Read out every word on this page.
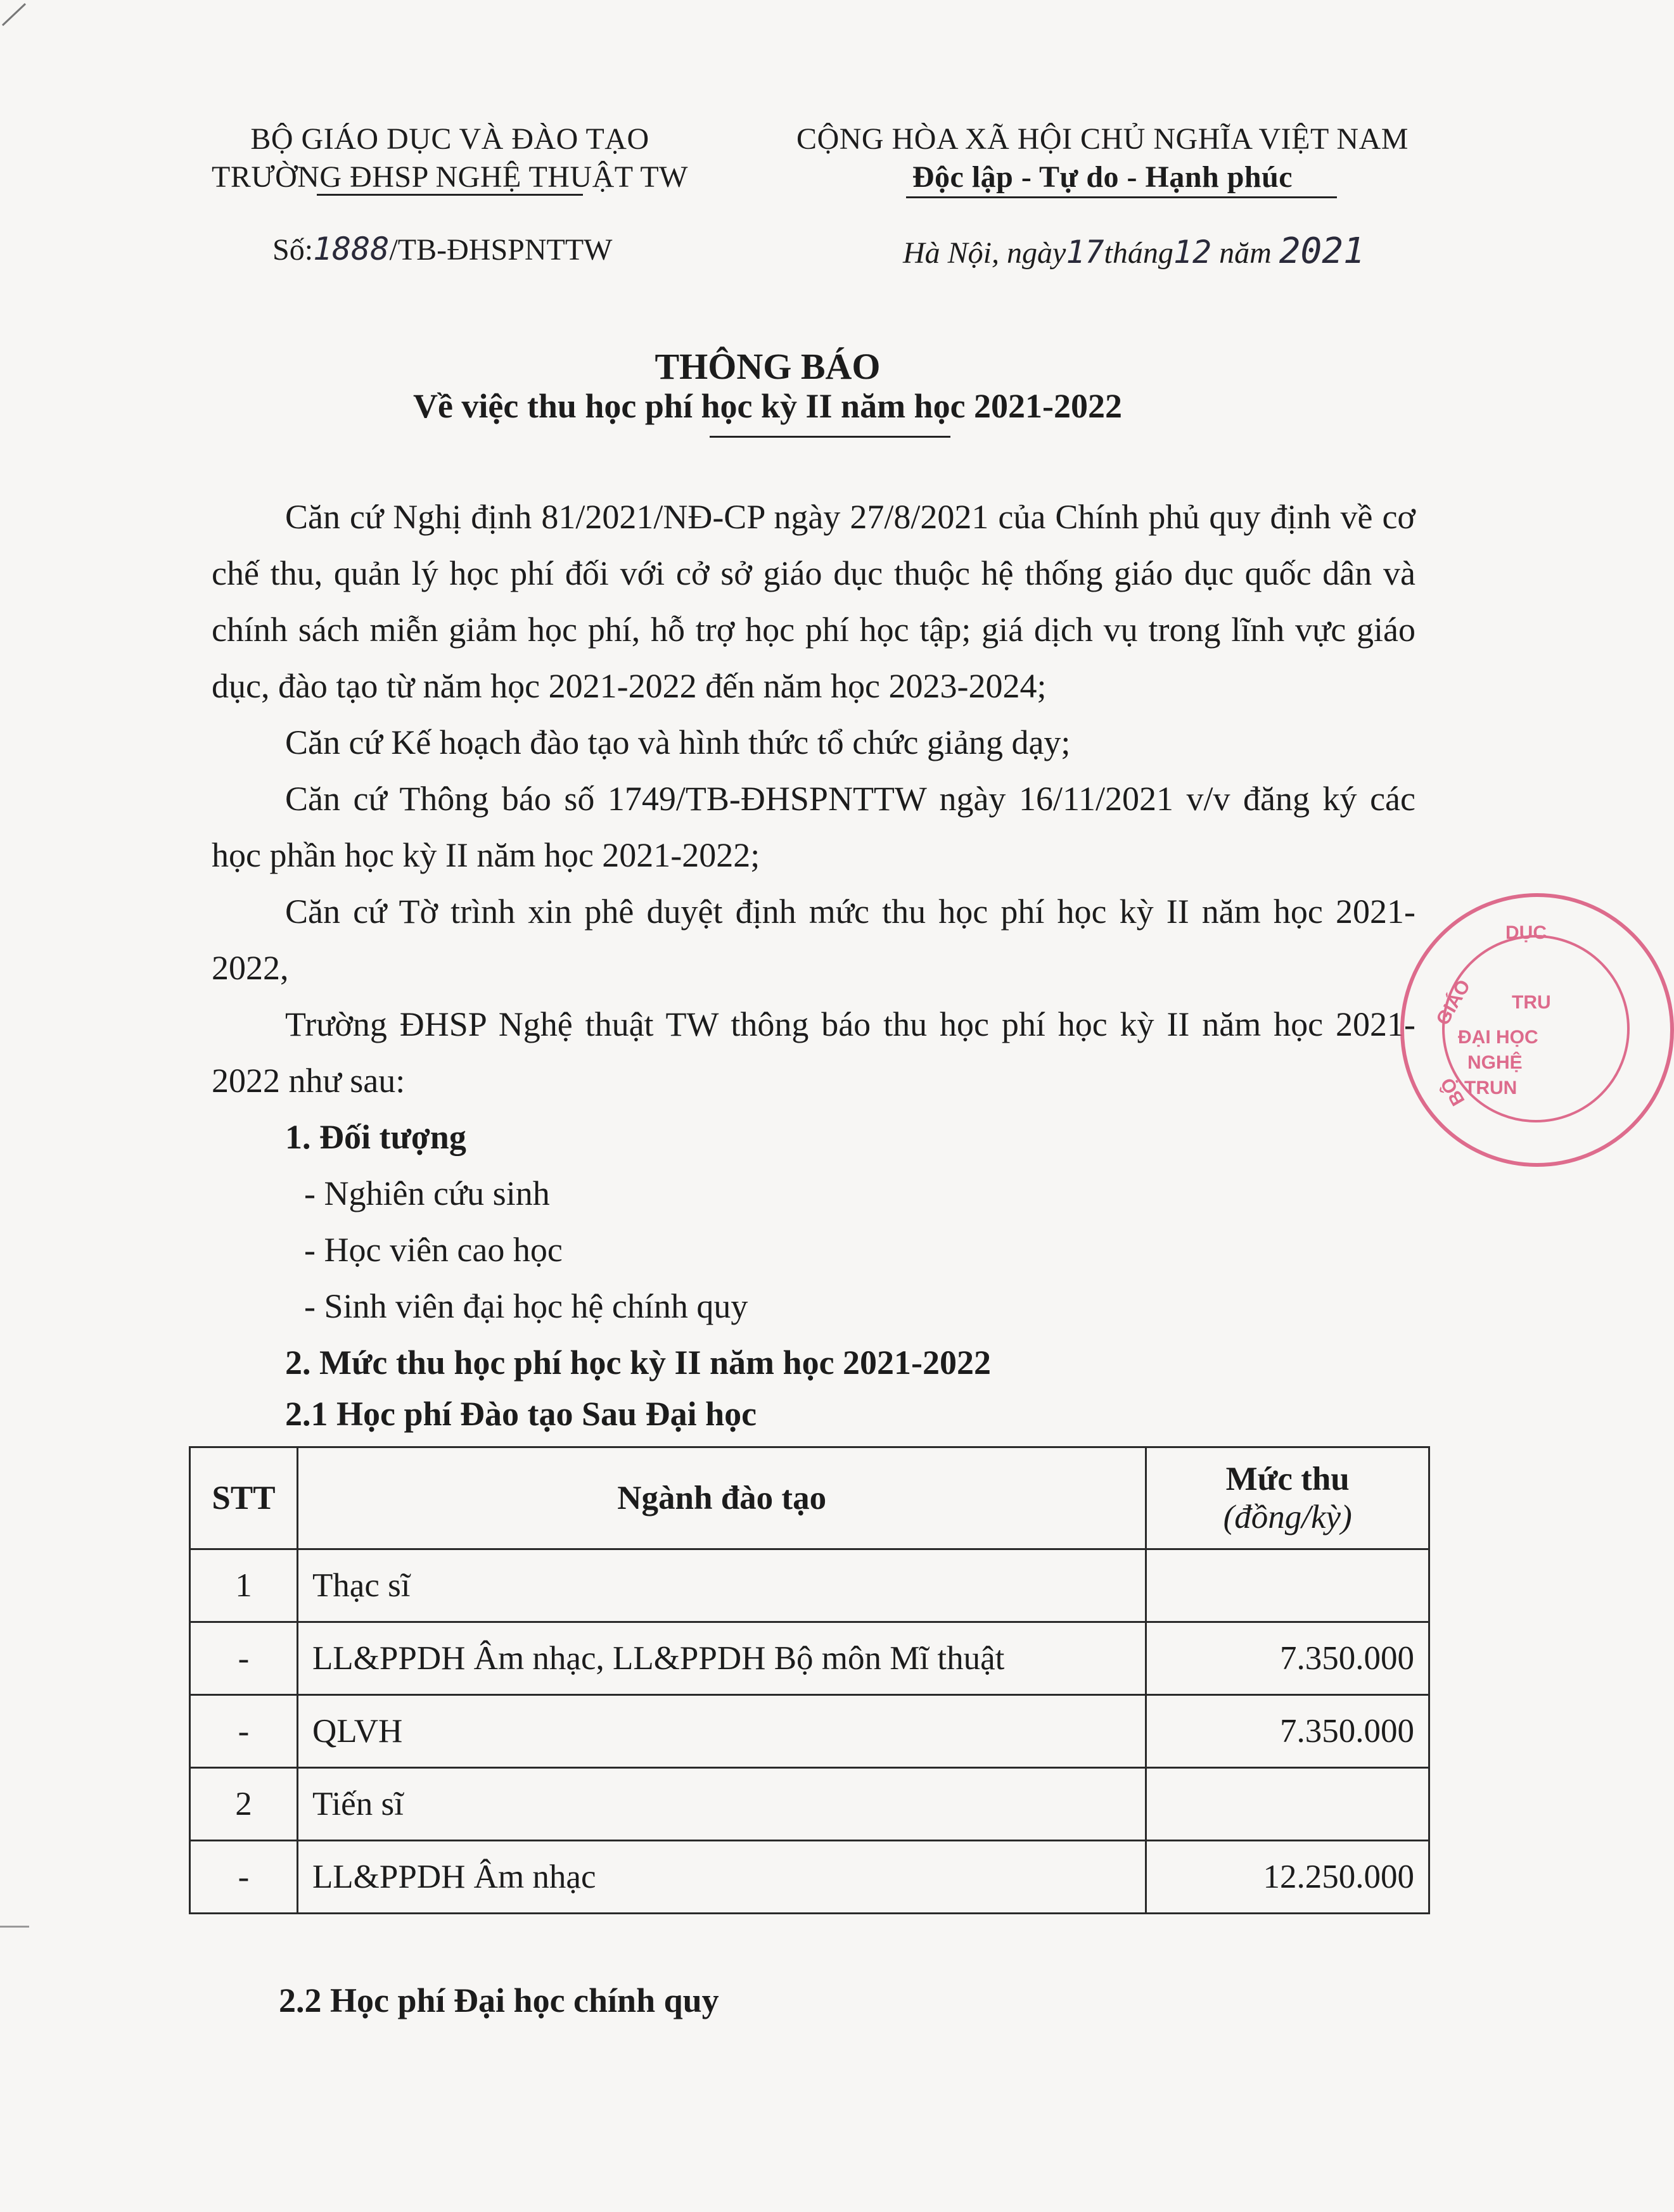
BỘ GIÁO DỤC VÀ ĐÀO TẠO
TRƯỜNG ĐHSP NGHỆ THUẬT TW
Số:1888/TB-ĐHSPNTTW
CỘNG HÒA XÃ HỘI CHỦ NGHĨA VIỆT NAM
Độc lập - Tự do - Hạnh phúc
Hà Nội, ngày17tháng12 năm 2021
THÔNG BÁO
Về việc thu học phí học kỳ II năm học 2021-2022
Căn cứ Nghị định 81/2021/NĐ-CP ngày 27/8/2021 của Chính phủ quy định về cơ chế thu, quản lý học phí đối với cở sở giáo dục thuộc hệ thống giáo dục quốc dân và chính sách miễn giảm học phí, hỗ trợ học phí học tập; giá dịch vụ trong lĩnh vực giáo dục, đào tạo từ năm học 2021-2022 đến năm học 2023-2024;
Căn cứ Kế hoạch đào tạo và hình thức tổ chức giảng dạy;
Căn cứ Thông báo số 1749/TB-ĐHSPNTTW ngày 16/11/2021 v/v đăng ký các học phần học kỳ II năm học 2021-2022;
Căn cứ Tờ trình xin phê duyệt định mức thu học phí học kỳ II năm học 2021-2022,
Trường ĐHSP Nghệ thuật TW thông báo thu học phí học kỳ II năm học 2021-2022 như sau:
1. Đối tượng
- Nghiên cứu sinh
- Học viên cao học
- Sinh viên đại học hệ chính quy
2. Mức thu học phí học kỳ II năm học 2021-2022
2.1 Học phí Đào tạo Sau Đại học
STT	Ngành đào tạo	Mức thu
(đồng/kỳ)

1	Thạc sĩ	
-	LL&PPDH Âm nhạc, LL&PPDH Bộ môn Mĩ thuật	7.350.000
-	QLVH	7.350.000
2	Tiến sĩ	
-	LL&PPDH Âm nhạc	12.250.000
2.2 Học phí Đại học chính quy
DỤC
GIÁO TRU
ĐẠI HỌC
NGHỆ
TRUN
BỘ
